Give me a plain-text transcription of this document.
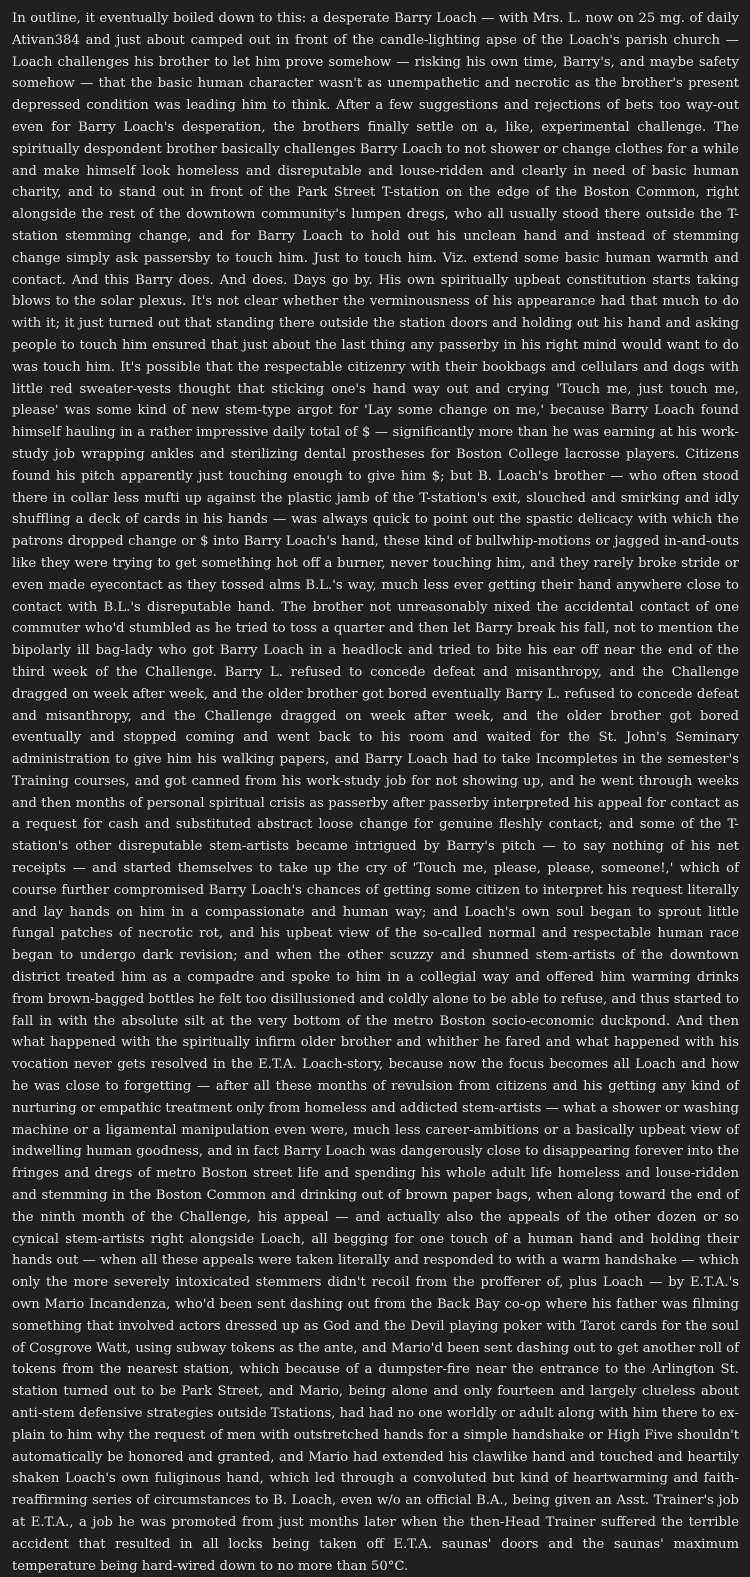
In outline, it eventually boiled down to this: a desperate Barry Loach — with Mrs. L. now on 25 mg. of daily Ativan384 and just about camped out in front of the candle-lighting apse of the Loach's parish church — Loach challenges his brother to let him prove somehow — risking his own time, Barry's, and maybe safety somehow — that the basic human character wasn't as unempathetic and necrotic as the brother's present depressed condition was leading him to think. After a few suggestions and rejections of bets too way-out even for Barry Loach's desperation, the brothers finally settle on a, like, experimental challenge. The spiritually despondent brother basically challenges Barry Loach to not shower or change clothes for a while and make himself look homeless and disreputable and louse-ridden and clearly in need of basic human charity, and to stand out in front of the Park Street T-station on the edge of the Boston Common, right alongside the rest of the downtown community's lumpen dregs, who all usually stood there outside the T-station stemming change, and for Barry Loach to hold out his unclean hand and instead of stemming change simply ask passersby to touch him. Just to touch him. Viz. extend some basic human warmth and contact. And this Barry does. And does. Days go by. His own spiritually upbeat constitution starts taking blows to the solar plexus. It's not clear whether the verminousness of his appearance had that much to do with it; it just turned out that standing there outside the station doors and holding out his hand and asking people to touch him ensured that just about the last thing any passerby in his right mind would want to do was touch him. It's possible that the respectable citizenry with their bookbags and cellulars and dogs with little red sweater-vests thought that sticking one's hand way out and crying 'Touch me, just touch me, please' was some kind of new stem-type argot for 'Lay some change on me,' because Barry Loach found himself hauling in a rather impressive daily total of $ — significantly more than he was earning at his work-study job wrapping ankles and sterilizing dental prostheses for Boston College lacrosse players. Citizens found his pitch apparently just touching enough to give him $; but B. Loach's brother — who often stood there in collar less mufti up against the plastic jamb of the T-station's exit, slouched and smirking and idly shuffling a deck of cards in his hands — was always quick to point out the spastic delicacy with which the patrons dropped change or $ into Barry Loach's hand, these kind of bullwhip-motions or jagged in-and-outs like they were trying to get something hot off a burner, never touching him, and they rarely broke stride or even made eyecontact as they tossed alms B.L.'s way, much less ever getting their hand anywhere close to contact with B.L.'s disreputable hand. The brother not unreasonably nixed the accidental contact of one commuter who'd stumbled as he tried to toss a quarter and then let Barry break his fall, not to mention the bipolarly ill bag-lady who got Barry Loach in a headlock and tried to bite his ear off near the end of the third week of the Challenge. Barry L. refused to concede defeat and misanthropy, and the Challenge dragged on week after week, and the older brother got bored eventually Barry L. refused to concede defeat and misanthropy, and the Challenge dragged on week after week, and the older brother got bored eventually and stopped coming and went back to his room and waited for the St. John's Seminary administration to give him his walking papers, and Barry Loach had to take Incompletes in the semester's Training courses, and got canned from his work-study job for not showing up, and he went through weeks and then months of personal spiritual crisis as passerby after passerby interpreted his appeal for contact as a request for cash and substituted abstract loose change for genuine fleshly contact; and some of the T-station's other disreputable stem-artists became intrigued by Barry's pitch — to say nothing of his net receipts — and started themselves to take up the cry of 'Touch me, please, please, someone!,' which of course further compromised Barry Loach's chances of getting some citizen to interpret his request literally and lay hands on him in a compassionate and human way; and Loach's own soul began to sprout little fungal patches of necrotic rot, and his upbeat view of the so-called normal and respectable human race began to undergo dark revision; and when the other scuzzy and shunned stem-artists of the downtown district treated him as a compadre and spoke to him in a collegial way and offered him warming drinks from brown-bagged bottles he felt too disillusioned and coldly alone to be able to refuse, and thus started to fall in with the absolute silt at the very bottom of the metro Boston socio-economic duckpond. And then what happened with the spiritually infirm older brother and whither he fared and what happened with his vocation never gets resolved in the E.T.A. Loach-story, because now the focus becomes all Loach and how he was close to forgetting — after all these months of revulsion from citizens and his getting any kind of nurturing or empathic treatment only from homeless and addicted stem-artists — what a shower or washing machine or a ligamental manipulation even were, much less career-ambitions or a basically upbeat view of indwelling human goodness, and in fact Barry Loach was dangerously close to disappearing forever into the fringes and dregs of metro Boston street life and spending his whole adult life homeless and louse-ridden and stemming in the Boston Common and drinking out of brown paper bags, when along toward the end of the ninth month of the Challenge, his appeal — and actually also the appeals of the other dozen or so cynical stem-artists right alongside Loach, all begging for one touch of a human hand and holding their hands out — when all these appeals were taken literally and responded to with a warm handshake — which only the more severely intoxicated stemmers didn't recoil from the profferer of, plus Loach — by E.T.A.'s own Mario Incandenza, who'd been sent dashing out from the Back Bay co-op where his father was filming something that involved actors dressed up as God and the Devil playing poker with Tarot cards for the soul of Cosgrove Watt, using subway tokens as the ante, and Mario'd been sent dashing out to get another roll of tokens from the nearest station, which because of a dumpster-fire near the entrance to the Arlington St. station turned out to be Park Street, and Mario, being alone and only fourteen and largely clueless about anti-stem defensive strategies outside Tstations, had had no one worldly or adult along with him there to explain to him why the request of men with outstretched hands for a simple handshake or High Five shouldn't automatically be honored and granted, and Mario had extended his clawlike hand and touched and heartily shaken Loach's own fuliginous hand, which led through a convoluted but kind of heartwarming and faith-reaffirming series of circumstances to B. Loach, even w/o an official B.A., being given an Asst. Trainer's job at E.T.A., a job he was promoted from just months later when the then-Head Trainer suffered the terrible accident that resulted in all locks being taken off E.T.A. saunas' doors and the saunas' maximum temperature being hard-wired down to no more than 50°C.
